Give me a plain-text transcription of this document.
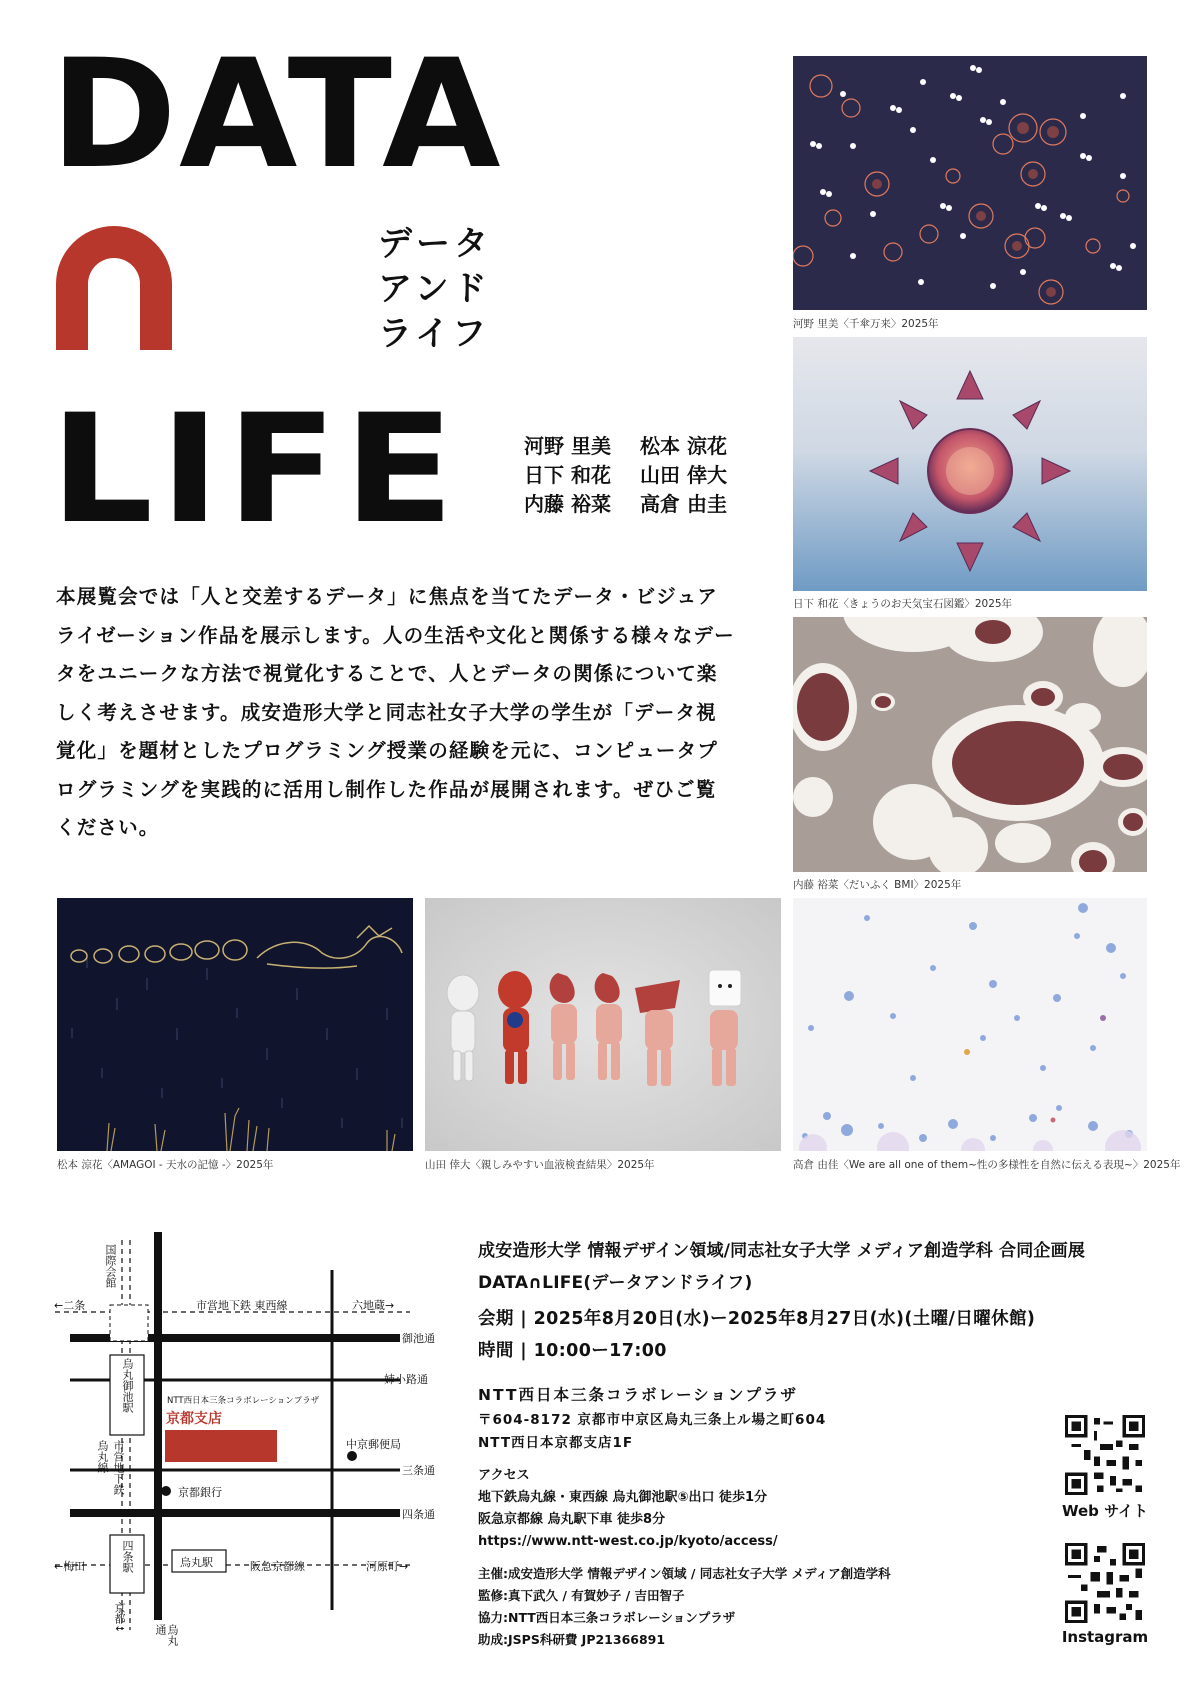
DATA
LIFE
データ
アンド
ライフ
河野 里美	松本 涼花
日下 和花	山田 倖大
内藤 裕菜	高倉 由圭
本展覧会では「人と交差するデータ」に焦点を当てたデータ・ビジュアライゼーション作品を展示します。人の生活や文化と関係する様々なデータをユニークな方法で視覚化することで、人とデータの関係について楽しく考えさせます。成安造形大学と同志社女子大学の学生が「データ視覚化」を題材としたプログラミング授業の経験を元に、コンピュータプログラミングを実践的に活用し制作した作品が展開されます。ぜひご覧ください。
河野 里美〈千傘万来〉2025年
日下 和花〈きょうのお天気宝石図鑑〉2025年
内藤 裕菜〈だいふく BMI〉2025年
松本 涼花〈AMAGOI - 天水の記憶 -〉2025年	山田 倖大〈親しみやすい血液検査結果〉2025年	高倉 由佳〈We are all one of them~性の多様性を自然に伝える表現~〉2025年
国際会館
←二条	市営地下鉄 東西線	六地蔵→
御池通
姉小路通
烏丸御池駅	NTT西日本三条コラボレーションプラザ
京都支店
中京郵便局
烏丸線 市営地下鉄	三条通
京都銀行
四条通
←梅田	四条駅	烏丸駅	阪急京都線	河原町→
京都↓
烏丸通
成安造形大学 情報デザイン領域/同志社女子大学 メディア創造学科 合同企画展
DATA∩LIFE(データアンドライフ)
会期 | 2025年8月20日(水)ー2025年8月27日(水)(土曜/日曜休館)
時間 | 10:00ー17:00
NTT西日本三条コラボレーションプラザ
〒604-8172 京都市中京区烏丸三条上ル場之町604
NTT西日本京都支店1F
アクセス
地下鉄烏丸線・東西線 烏丸御池駅⑤出口 徒歩1分
阪急京都線 烏丸駅下車 徒歩8分
https://www.ntt-west.co.jp/kyoto/access/
主催:成安造形大学 情報デザイン領域 / 同志社女子大学 メディア創造学科
監修:真下武久 / 有賀妙子 / 吉田智子
協力:NTT西日本三条コラボレーションプラザ
助成:JSPS科研費 JP21366891
Web サイト
Instagram
